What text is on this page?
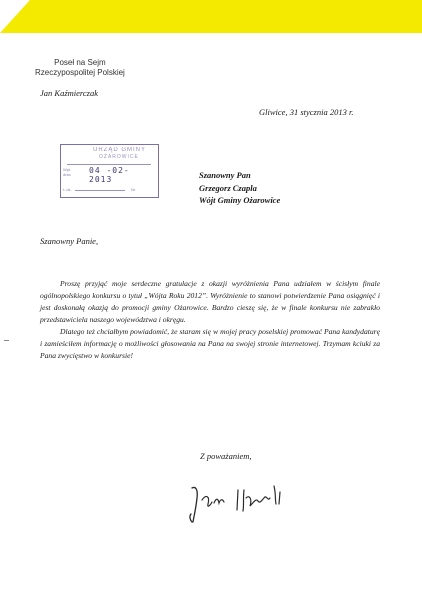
Poseł na Sejm
Rzeczypospolitej Polskiej
Jan Kaźmierczak
Gliwice, 31 stycznia 2013 r.
URZĄD GMINY
OŻAROWICE
Wpł.
dnia 04 -02- 2013
L.dz.	Nr
Szanowny Pan
Grzegorz Czapla
Wójt Gminy Ożarowice
Szanowny Panie,

Proszę przyjąć moje serdeczne gratulacje z okazji wyróżnienia Pana udziałem w ścisłym finale ogólnopolskiego konkursu o tytuł „Wójta Roku 2012”. Wyróżnienie to stanowi potwierdzenie Pana osiągnięć i jest doskonałą okazją do promocji gminy Ożarowice. Bardzo cieszę się, że w finale konkursu nie zabrakło przedstawiciela naszego województwa i okręgu.

Dlatego też chciałbym powiadomić, że staram się w mojej pracy poselskiej promować Pana kandydaturę i zamieściłem informację o możliwości głosowania na Pana na swojej stronie internetowej. Trzymam kciuki za Pana zwycięstwo w konkursie!

Z poważaniem,
